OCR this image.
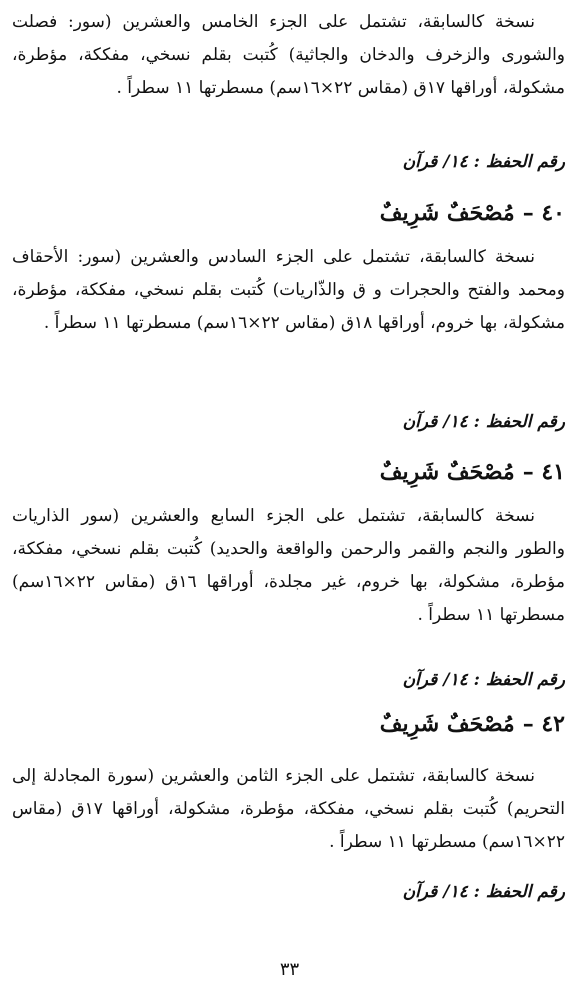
نسخة كالسابقة، تشتمل على الجزء الخامس والعشرين (سور: فصلت والشورى والزخرف والدخان والجاثية) كُتبت بقلم نسخي، مفككة، مؤطرة، مشكولة، أوراقها ١٧ق (مقاس ٢٢×١٦سم) مسطرتها ١١ سطراً .
رقم الحفظ : ١٤/ قرآن
٤٠ –مُصْحَفٌ شَرِيفٌ
نسخة كالسابقة، تشتمل على الجزء السادس والعشرين (سور: الأحقاف ومحمد والفتح والحجرات و ق والذّاريات) كُتبت بقلم نسخي، مفككة، مؤطرة، مشكولة، بها خروم، أوراقها ١٨ق (مقاس ٢٢×١٦سم) مسطرتها ١١ سطراً .
رقم الحفظ : ١٤/ قرآن
٤١ –مُصْحَفٌ شَرِيفٌ
نسخة كالسابقة، تشتمل على الجزء السابع والعشرين (سور الذاريات والطور والنجم والقمر والرحمن والواقعة والحديد) كُتبت بقلم نسخي، مفككة، مؤطرة، مشكولة، بها خروم، غير مجلدة، أوراقها ١٦ق (مقاس ٢٢×١٦سم) مسطرتها ١١ سطراً .
رقم الحفظ : ١٤/ قرآن
٤٢ –مُصْحَفٌ شَرِيفٌ
نسخة كالسابقة، تشتمل على الجزء الثامن والعشرين (سورة المجادلة إلى التحريم) كُتبت بقلم نسخي، مفككة، مؤطرة، مشكولة، أوراقها ١٧ق (مقاس ٢٢×١٦سم) مسطرتها ١١ سطراً .
رقم الحفظ : ١٤/ قرآن
٣٣
